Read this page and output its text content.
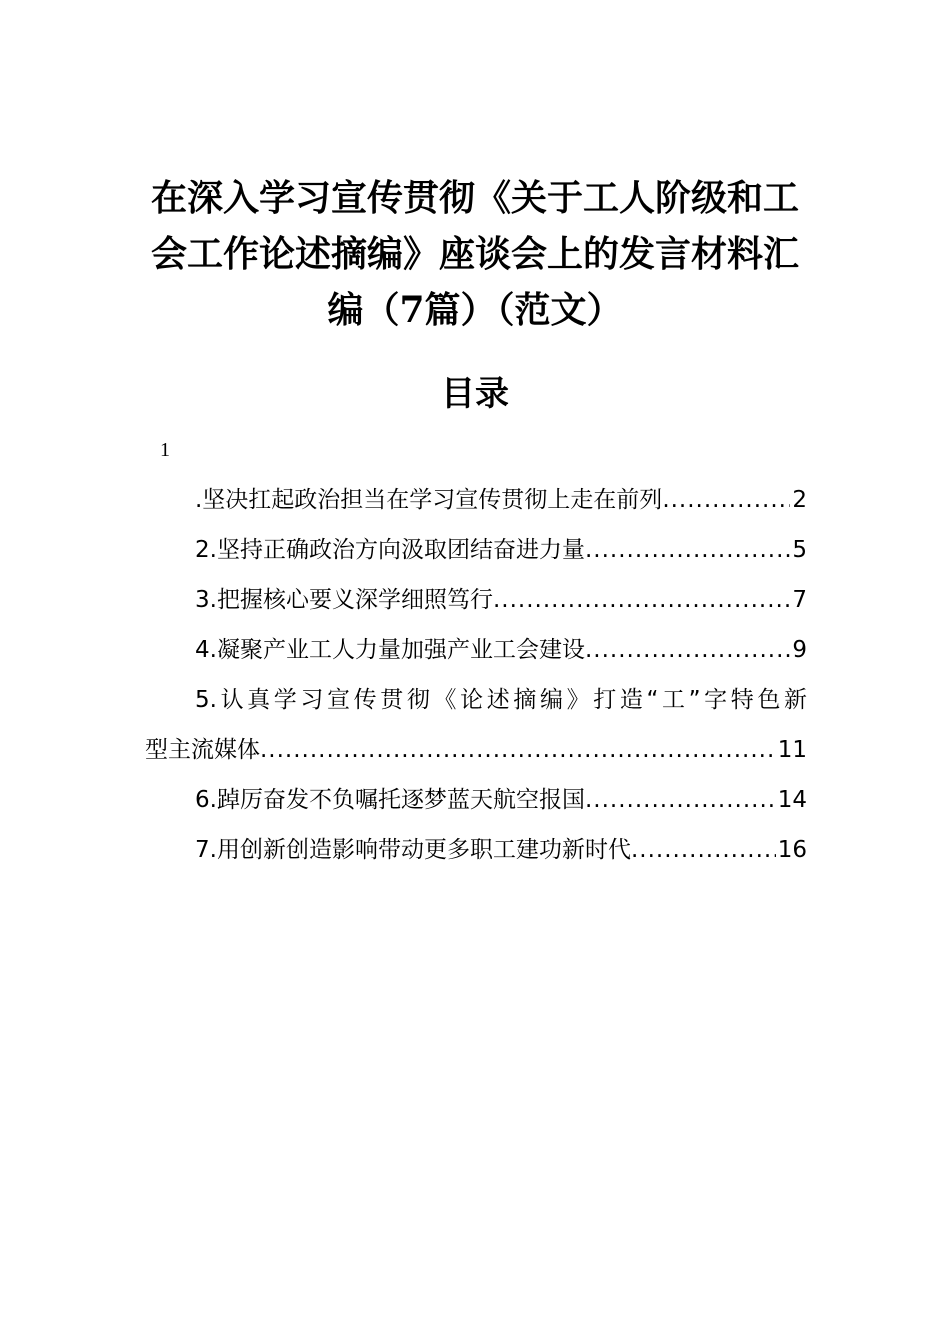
在深入学习宣传贯彻《关于工人阶级和工
会工作论述摘编》座谈会上的发言材料汇
编（7篇）（范文）
目录
1
.坚决扛起政治担当在学习宣传贯彻上走在前列 .....	2
2.坚持正确政治方向汲取团结奋进力量 .....	5
3.把握核心要义深学细照笃行 .....	7
4.凝聚产业工人力量加强产业工会建设 .....	9
5.认真学习宣传贯彻《论述摘编》打造“工”字特色新
型主流媒体 .....	11
6.踔厉奋发不负嘱托逐梦蓝天航空报国 .....	14
7.用创新创造影响带动更多职工建功新时代 .....	16
